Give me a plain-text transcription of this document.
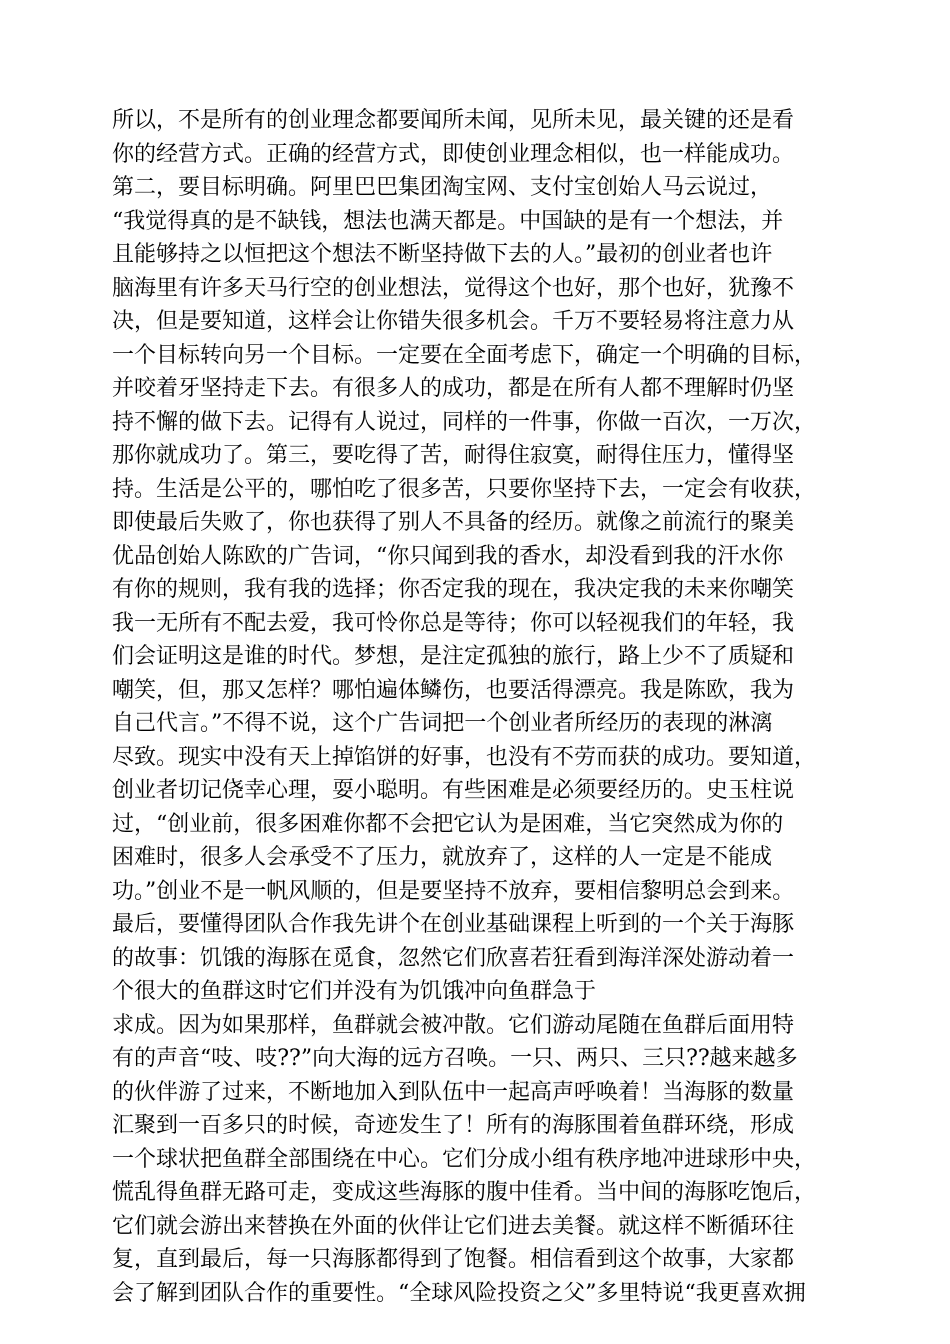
所以，不是所有的创业理念都要闻所未闻，见所未见，最关键的还是看
你的经营方式。正确的经营方式，即使创业理念相似，也一样能成功。
第二，要目标明确。阿里巴巴集团淘宝网、支付宝创始人马云说过，
“我觉得真的是不缺钱，想法也满天都是。中国缺的是有一个想法，并
且能够持之以恒把这个想法不断坚持做下去的人。”最初的创业者也许
脑海里有许多天马行空的创业想法，觉得这个也好，那个也好，犹豫不
决，但是要知道，这样会让你错失很多机会。千万不要轻易将注意力从
一个目标转向另一个目标。一定要在全面考虑下，确定一个明确的目标，
并咬着牙坚持走下去。有很多人的成功，都是在所有人都不理解时仍坚
持不懈的做下去。记得有人说过，同样的一件事，你做一百次，一万次，
那你就成功了。第三，要吃得了苦，耐得住寂寞，耐得住压力，懂得坚
持。生活是公平的，哪怕吃了很多苦，只要你坚持下去，一定会有收获，
即使最后失败了，你也获得了别人不具备的经历。就像之前流行的聚美
优品创始人陈欧的广告词，“你只闻到我的香水，却没看到我的汗水你
有你的规则，我有我的选择；你否定我的现在，我决定我的未来你嘲笑
我一无所有不配去爱，我可怜你总是等待；你可以轻视我们的年轻，我
们会证明这是谁的时代。梦想，是注定孤独的旅行，路上少不了质疑和
嘲笑，但，那又怎样？哪怕遍体鳞伤，也要活得漂亮。我是陈欧，我为
自己代言。”不得不说，这个广告词把一个创业者所经历的表现的淋漓
尽致。现实中没有天上掉馅饼的好事，也没有不劳而获的成功。要知道，
创业者切记侥幸心理，耍小聪明。有些困难是必须要经历的。史玉柱说
过，“创业前，很多困难你都不会把它认为是困难，当它突然成为你的
困难时，很多人会承受不了压力，就放弃了，这样的人一定是不能成
功。”创业不是一帆风顺的，但是要坚持不放弃，要相信黎明总会到来。
最后，要懂得团队合作我先讲个在创业基础课程上听到的一个关于海豚
的故事：饥饿的海豚在觅食，忽然它们欣喜若狂看到海洋深处游动着一
个很大的鱼群这时它们并没有为饥饿冲向鱼群急于
求成。因为如果那样，鱼群就会被冲散。它们游动尾随在鱼群后面用特
有的声音“吱、吱??”向大海的远方召唤。一只、两只、三只??越来越多
的伙伴游了过来，不断地加入到队伍中一起高声呼唤着！当海豚的数量
汇聚到一百多只的时候，奇迹发生了！所有的海豚围着鱼群环绕，形成
一个球状把鱼群全部围绕在中心。它们分成小组有秩序地冲进球形中央，
慌乱得鱼群无路可走，变成这些海豚的腹中佳肴。当中间的海豚吃饱后，
它们就会游出来替换在外面的伙伴让它们进去美餐。就这样不断循环往
复，直到最后，每一只海豚都得到了饱餐。相信看到这个故事，大家都
会了解到团队合作的重要性。“全球风险投资之父”多里特说“我更喜欢拥
